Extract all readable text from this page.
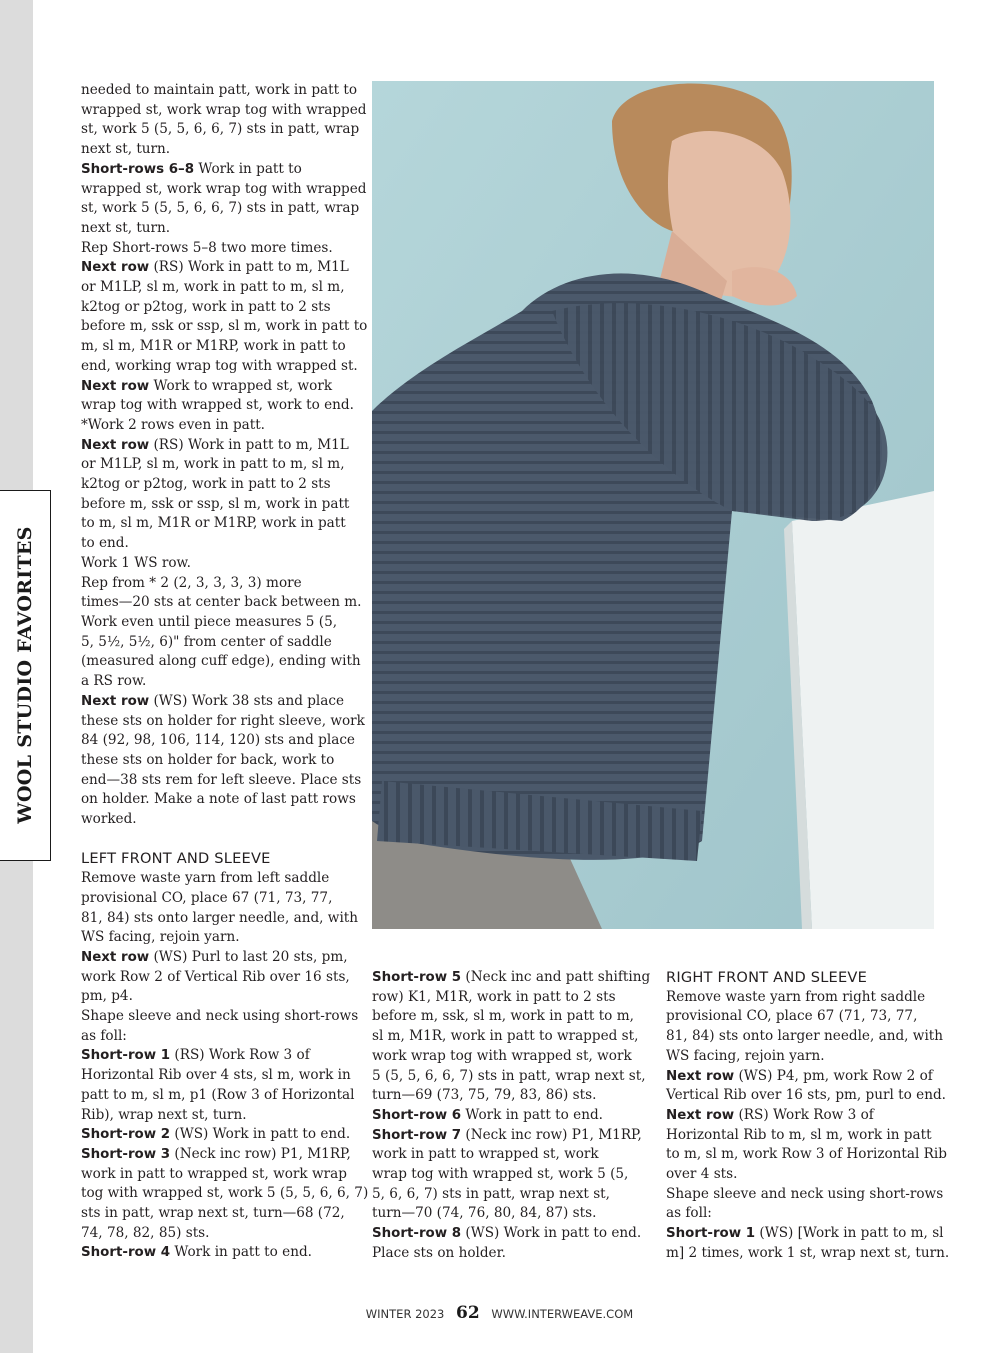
WOOL STUDIO FAVORITES

needed to maintain patt, work in patt to

wrapped st, work wrap tog with wrapped

st, work 5 (5, 5, 6, 6, 7) sts in patt, wrap

next st, turn.

Short-rows 6–8 Work in patt to

wrapped st, work wrap tog with wrapped

st, work 5 (5, 5, 6, 6, 7) sts in patt, wrap

next st, turn.

Rep Short-rows 5–8 two more times.

Next row (RS) Work in patt to m, M1L

or M1LP, sl m, work in patt to m, sl m,

k2tog or p2tog, work in patt to 2 sts

before m, ssk or ssp, sl m, work in patt to

m, sl m, M1R or M1RP, work in patt to

end, working wrap tog with wrapped st.

Next row Work to wrapped st, work

wrap tog with wrapped st, work to end.

*Work 2 rows even in patt.

Next row (RS) Work in patt to m, M1L

or M1LP, sl m, work in patt to m, sl m,

k2tog or p2tog, work in patt to 2 sts

before m, ssk or ssp, sl m, work in patt

to m, sl m, M1R or M1RP, work in patt

to end.

Work 1 WS row.

Rep from * 2 (2, 3, 3, 3, 3) more

times—20 sts at center back between m.

Work even until piece measures 5 (5,

5, 5½, 5½, 6)" from center of saddle

(measured along cuff edge), ending with

a RS row.

Next row (WS) Work 38 sts and place

these sts on holder for right sleeve, work

84 (92, 98, 106, 114, 120) sts and place

these sts on holder for back, work to

end—38 sts rem for left sleeve. Place sts

on holder. Make a note of last patt rows

worked.

LEFT FRONT AND SLEEVE

Remove waste yarn from left saddle

provisional CO, place 67 (71, 73, 77,

81, 84) sts onto larger needle, and, with

WS facing, rejoin yarn.

Next row (WS) Purl to last 20 sts, pm,

work Row 2 of Vertical Rib over 16 sts,

pm, p4.

Shape sleeve and neck using short-rows

as foll:

Short-row 1 (RS) Work Row 3 of

Horizontal Rib over 4 sts, sl m, work in

patt to m, sl m, p1 (Row 3 of Horizontal

Rib), wrap next st, turn.

Short-row 2 (WS) Work in patt to end.

Short-row 3 (Neck inc row) P1, M1RP,

work in patt to wrapped st, work wrap

tog with wrapped st, work 5 (5, 5, 6, 6, 7)

sts in patt, wrap next st, turn—68 (72,

74, 78, 82, 85) sts.

Short-row 4 Work in patt to end.

Short-row 5 (Neck inc and patt shifting

row) K1, M1R, work in patt to 2 sts

before m, ssk, sl m, work in patt to m,

sl m, M1R, work in patt to wrapped st,

work wrap tog with wrapped st, work

5 (5, 5, 6, 6, 7) sts in patt, wrap next st,

turn—69 (73, 75, 79, 83, 86) sts.

Short-row 6 Work in patt to end.

Short-row 7 (Neck inc row) P1, M1RP,

work in patt to wrapped st, work

wrap tog with wrapped st, work 5 (5,

5, 6, 6, 7) sts in patt, wrap next st,

turn—70 (74, 76, 80, 84, 87) sts.

Short-row 8 (WS) Work in patt to end.

Place sts on holder.

RIGHT FRONT AND SLEEVE

Remove waste yarn from right saddle

provisional CO, place 67 (71, 73, 77,

81, 84) sts onto larger needle, and, with

WS facing, rejoin yarn.

Next row (WS) P4, pm, work Row 2 of

Vertical Rib over 16 sts, pm, purl to end.

Next row (RS) Work Row 3 of

Horizontal Rib to m, sl m, work in patt

to m, sl m, work Row 3 of Horizontal Rib

over 4 sts.

Shape sleeve and neck using short-rows

as foll:

Short-row 1 (WS) [Work in patt to m, sl

m] 2 times, work 1 st, wrap next st, turn.

WINTER 2023 62 WWW.INTERWEAVE.COM
